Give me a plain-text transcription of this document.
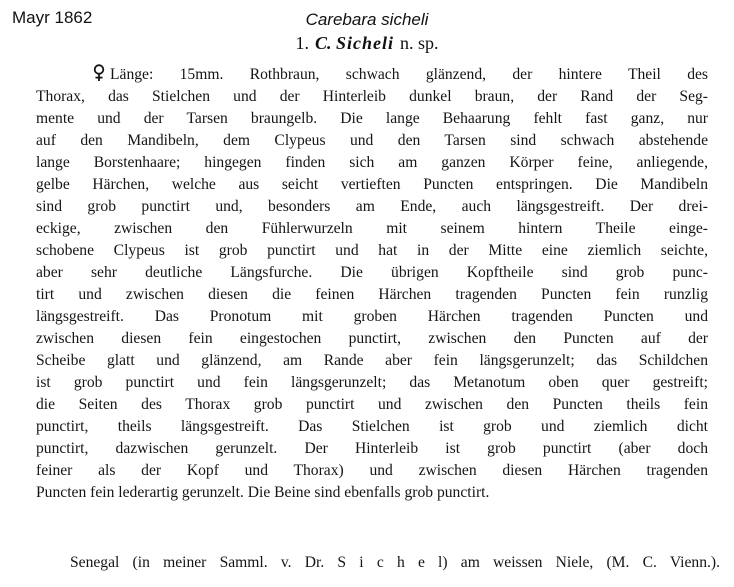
Mayr 1862	Carebara sicheli
1. C. Sicheli n. sp.
Länge: 15mm. Rothbraun, schwach glänzend, der hintere Theil des
Thorax, das Stielchen und der Hinterleib dunkel braun, der Rand der Seg-
mente und der Tarsen braungelb. Die lange Behaarung fehlt fast ganz, nur
auf den Mandibeln, dem Clypeus und den Tarsen sind schwach abstehende
lange Borstenhaare; hingegen finden sich am ganzen Körper feine, anliegende,
gelbe Härchen, welche aus seicht vertieften Puncten entspringen. Die Mandibeln
sind grob punctirt und, besonders am Ende, auch längsgestreift. Der drei-
eckige, zwischen den Fühlerwurzeln mit seinem hintern Theile einge-
schobene Clypeus ist grob punctirt und hat in der Mitte eine ziemlich seichte,
aber sehr deutliche Längsfurche. Die übrigen Kopftheile sind grob punc-
tirt und zwischen diesen die feinen Härchen tragenden Puncten fein runzlig
längsgestreift. Das Pronotum mit groben Härchen tragenden Puncten und
zwischen diesen fein eingestochen punctirt, zwischen den Puncten auf der
Scheibe glatt und glänzend, am Rande aber fein längsgerunzelt; das Schildchen
ist grob punctirt und fein längsgerunzelt; das Metanotum oben quer gestreift;
die Seiten des Thorax grob punctirt und zwischen den Puncten theils fein
punctirt, theils längsgestreift. Das Stielchen ist grob und ziemlich dicht
punctirt, dazwischen gerunzelt. Der Hinterleib ist grob punctirt (aber doch
feiner als der Kopf und Thorax) und zwischen diesen Härchen tragenden
Puncten fein lederartig gerunzelt. Die Beine sind ebenfalls grob punctirt.
Senegal (in meiner Samml. v. Dr. S i c h e l) am weissen Niele, (M. C. Vienn.).
